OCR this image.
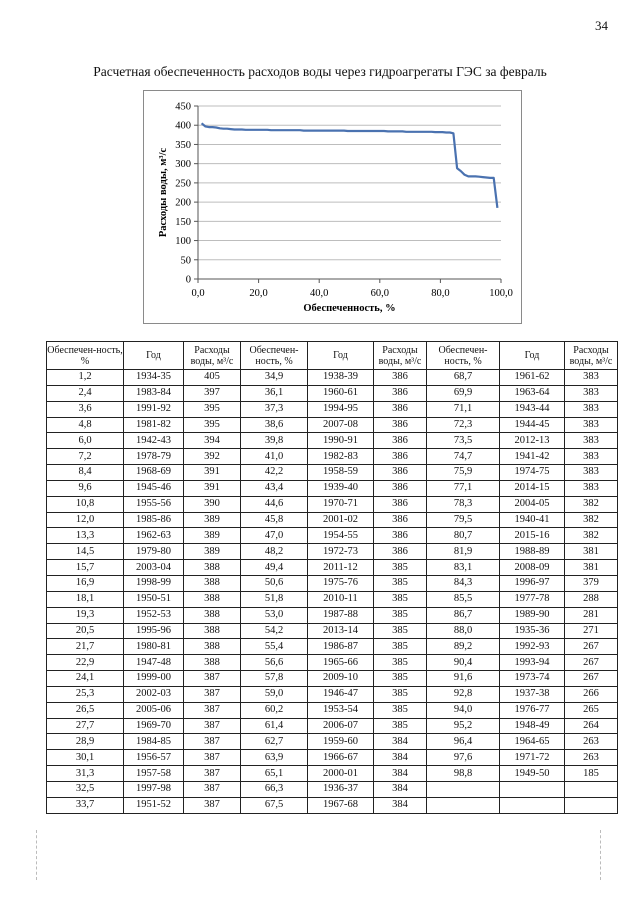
34
Расчетная обеспеченность расходов воды через гидроагрегаты ГЭС за февраль
0
50
100
150
200
250
300
350
400
450
0,0	20,0	40,0	60,0	80,0	100,0
Обеспеченность, %
Расходы воды, м³/с
Обеспечен-ность, %	Год	Расходы воды, м³/с	Обеспечен-ность, %	Год	Расходы воды, м³/с	Обеспечен-ность, %	Год	Расходы воды, м³/с
1,2	1934-35	405	34,9	1938-39	386	68,7	1961-62	383
2,4	1983-84	397	36,1	1960-61	386	69,9	1963-64	383
3,6	1991-92	395	37,3	1994-95	386	71,1	1943-44	383
4,8	1981-82	395	38,6	2007-08	386	72,3	1944-45	383
6,0	1942-43	394	39,8	1990-91	386	73,5	2012-13	383
7,2	1978-79	392	41,0	1982-83	386	74,7	1941-42	383
8,4	1968-69	391	42,2	1958-59	386	75,9	1974-75	383
9,6	1945-46	391	43,4	1939-40	386	77,1	2014-15	383
10,8	1955-56	390	44,6	1970-71	386	78,3	2004-05	382
12,0	1985-86	389	45,8	2001-02	386	79,5	1940-41	382
13,3	1962-63	389	47,0	1954-55	386	80,7	2015-16	382
14,5	1979-80	389	48,2	1972-73	386	81,9	1988-89	381
15,7	2003-04	388	49,4	2011-12	385	83,1	2008-09	381
16,9	1998-99	388	50,6	1975-76	385	84,3	1996-97	379
18,1	1950-51	388	51,8	2010-11	385	85,5	1977-78	288
19,3	1952-53	388	53,0	1987-88	385	86,7	1989-90	281
20,5	1995-96	388	54,2	2013-14	385	88,0	1935-36	271
21,7	1980-81	388	55,4	1986-87	385	89,2	1992-93	267
22,9	1947-48	388	56,6	1965-66	385	90,4	1993-94	267
24,1	1999-00	387	57,8	2009-10	385	91,6	1973-74	267
25,3	2002-03	387	59,0	1946-47	385	92,8	1937-38	266
26,5	2005-06	387	60,2	1953-54	385	94,0	1976-77	265
27,7	1969-70	387	61,4	2006-07	385	95,2	1948-49	264
28,9	1984-85	387	62,7	1959-60	384	96,4	1964-65	263
30,1	1956-57	387	63,9	1966-67	384	97,6	1971-72	263
31,3	1957-58	387	65,1	2000-01	384	98,8	1949-50	185
32,5	1997-98	387	66,3	1936-37	384			
33,7	1951-52	387	67,5	1967-68	384			
